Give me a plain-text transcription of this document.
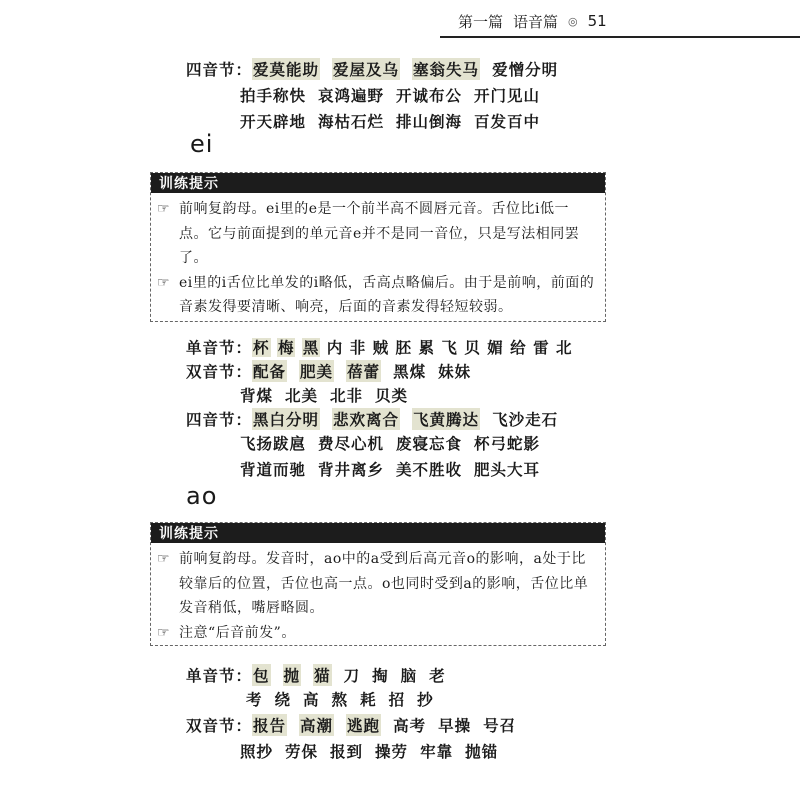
第一篇 语音篇 ◎ 51
四音节：爱莫能助 爱屋及乌 塞翁失马 爱憎分明
拍手称快 哀鸿遍野 开诚布公 开门见山
开天辟地 海枯石烂 排山倒海 百发百中
ei
训练提示
☞ 前响复韵母。ei里的e是一个前半高不圆唇元音。舌位比i低一点。它与前面提到的单元音e并不是同一音位，只是写法相同罢了。
☞ ei里的i舌位比单发的i略低，舌高点略偏后。由于是前响，前面的音素发得要清晰、响亮，后面的音素发得轻短较弱。
单音节：杯 梅 黑 内 非 贼 胚 累 飞 贝 媚 给 雷 北
双音节：配备 肥美 蓓蕾 黑煤 妹妹
背煤 北美 北非 贝类
四音节：黑白分明 悲欢离合 飞黄腾达 飞沙走石
飞扬跋扈 费尽心机 废寝忘食 杯弓蛇影
背道而驰 背井离乡 美不胜收 肥头大耳
ao
训练提示
☞ 前响复韵母。发音时，ao中的a受到后高元音o的影响，a处于比较靠后的位置，舌位也高一点。o也同时受到a的影响，舌位比单发音稍低，嘴唇略圆。
☞ 注意“后音前发”。
单音节：包 抛 猫 刀 掏 脑 老
考 绕 高 熬 耗 招 抄
双音节：报告 高潮 逃跑 高考 早操 号召
照抄 劳保 报到 操劳 牢靠 抛锚
